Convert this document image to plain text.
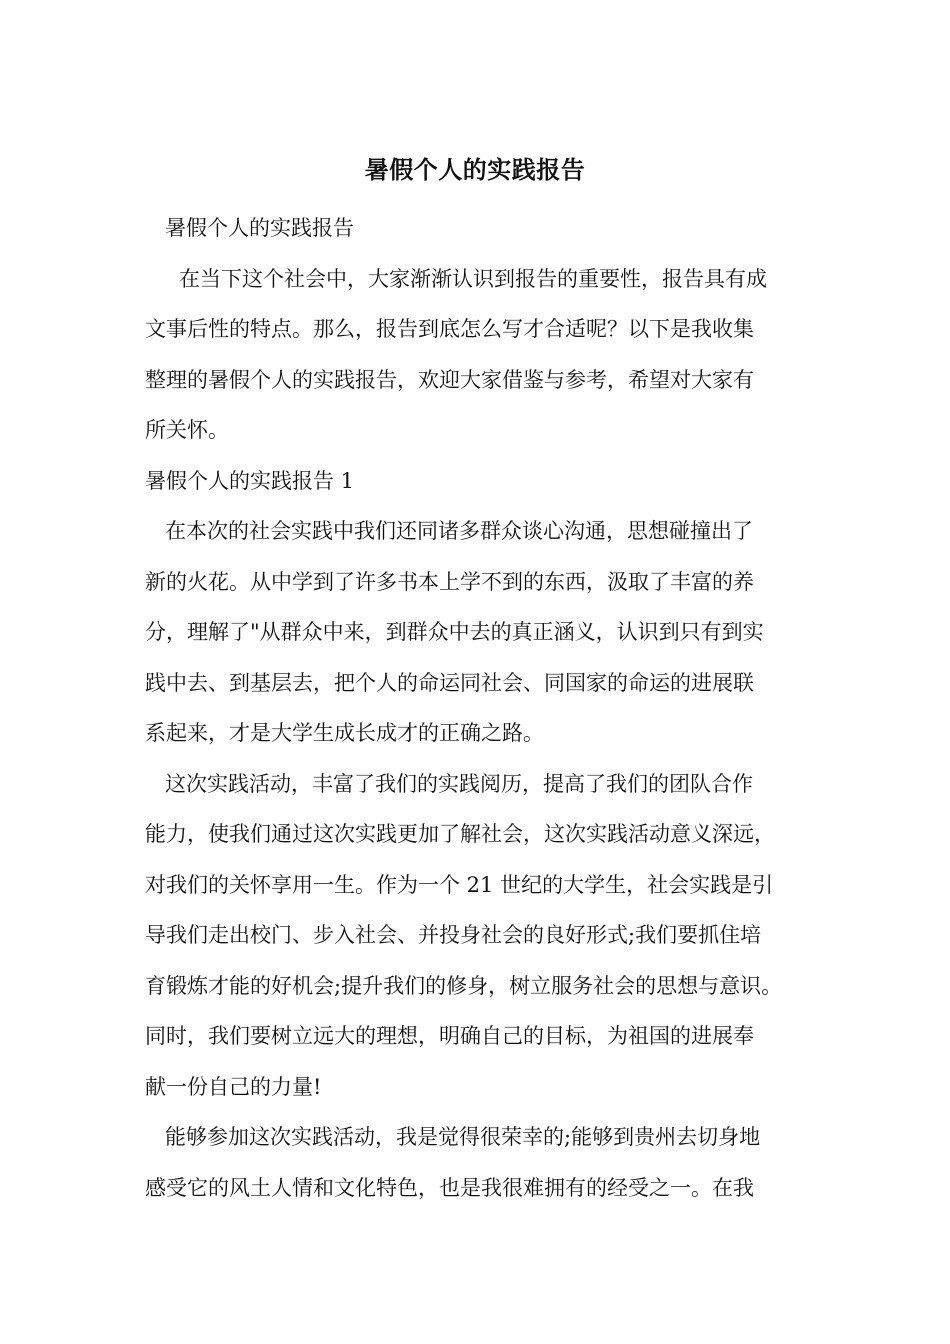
暑假个人的实践报告
暑假个人的实践报告
在当下这个社会中，大家渐渐认识到报告的重要性，报告具有成
文事后性的特点。那么，报告到底怎么写才合适呢？以下是我收集
整理的暑假个人的实践报告，欢迎大家借鉴与参考，希望对大家有
所关怀。
暑假个人的实践报告 1
在本次的社会实践中我们还同诸多群众谈心沟通，思想碰撞出了
新的火花。从中学到了许多书本上学不到的东西，汲取了丰富的养
分，理解了"从群众中来，到群众中去的真正涵义，认识到只有到实
践中去、到基层去，把个人的命运同社会、同国家的命运的进展联
系起来，才是大学生成长成才的正确之路。
这次实践活动，丰富了我们的实践阅历，提高了我们的团队合作
能力，使我们通过这次实践更加了解社会，这次实践活动意义深远，
对我们的关怀享用一生。作为一个 21 世纪的大学生，社会实践是引
导我们走出校门、步入社会、并投身社会的良好形式;我们要抓住培
育锻炼才能的好机会;提升我们的修身，树立服务社会的思想与意识。
同时，我们要树立远大的理想，明确自己的目标，为祖国的进展奉
献一份自己的力量!
能够参加这次实践活动，我是觉得很荣幸的;能够到贵州去切身地
感受它的风土人情和文化特色，也是我很难拥有的经受之一。在我
